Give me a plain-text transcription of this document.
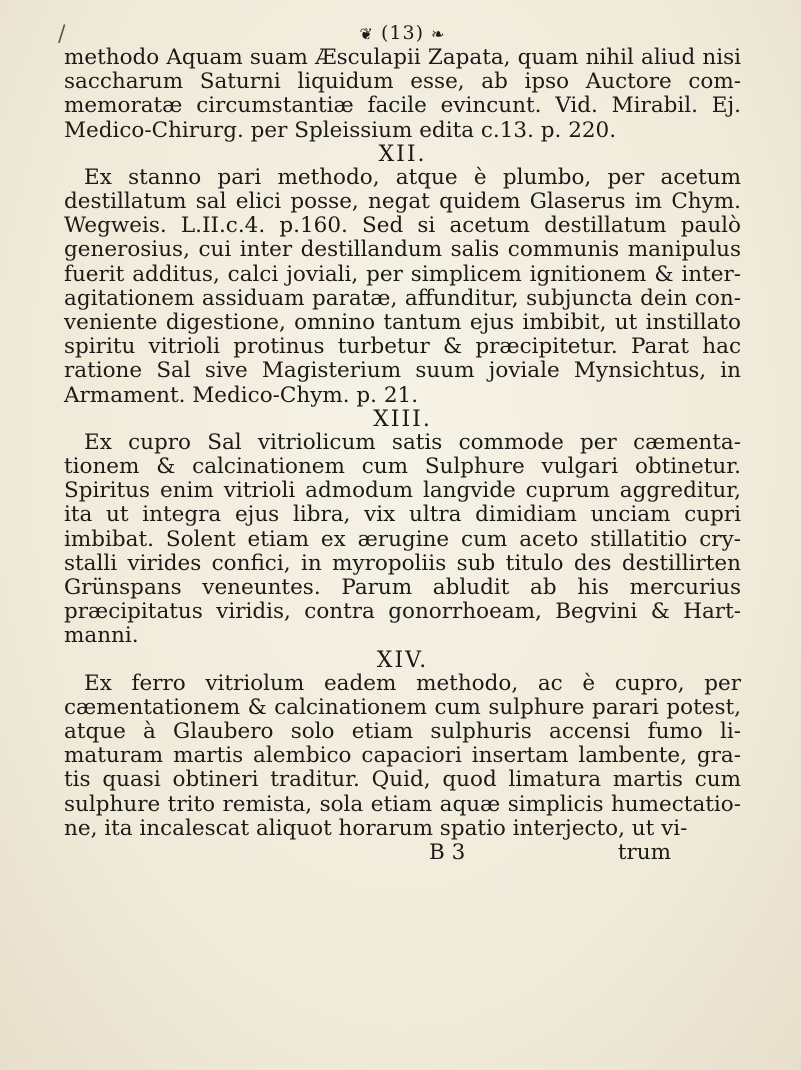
/	❦ (13) ❧

methodo Aquam suam Æsculapii Zapata, quam nihil aliud nisi saccharum Saturni liquidum esse, ab ipso Auctore commemoratæ circumstantiæ facile evincunt. Vid. Mirabil. Ej. Medico-Chirurg. per Spleissium edita c.13. p. 220.

XII.

Ex stanno pari methodo, atque è plumbo, per acetum destillatum sal elici posse, negat quidem Glaserus im Chym. Wegweis. L.II.c.4. p.160. Sed si acetum destillatum paulò generosius, cui inter destillandum salis communis manipulus fuerit additus, calci joviali, per simplicem ignitionem & interagitationem assiduam paratæ, affunditur, subjuncta dein conveniente digestione, omnino tantum ejus imbibit, ut instillato spiritu vitrioli protinus turbetur & præcipitetur. Parat hac ratione Sal sive Magisterium suum joviale Mynsichtus, in Armament. Medico-Chym. p. 21.

XIII.

Ex cupro Sal vitriolicum satis commode per cæmentationem & calcinationem cum Sulphure vulgari obtinetur. Spiritus enim vitrioli admodum langvide cuprum aggreditur, ita ut integra ejus libra, vix ultra dimidiam unciam cupri imbibat. Solent etiam ex ærugine cum aceto stillatitio crystalli virides confici, in myropoliis sub titulo des destillirten Grünspans veneuntes. Parum abludit ab his mercurius præcipitatus viridis, contra gonorrhoeam, Begvini & Hartmanni.

XIV.

Ex ferro vitriolum eadem methodo, ac è cupro, per cæmentationem & calcinationem cum sulphure parari potest, atque à Glaubero solo etiam sulphuris accensi fumo limaturam martis alembico capaciori insertam lambente, gratis quasi obtineri traditur. Quid, quod limatura martis cum sulphure trito remista, sola etiam aquæ simplicis humectatione, ita incalescat aliquot horarum spatio interjecto, ut vi-

B 3	trum
